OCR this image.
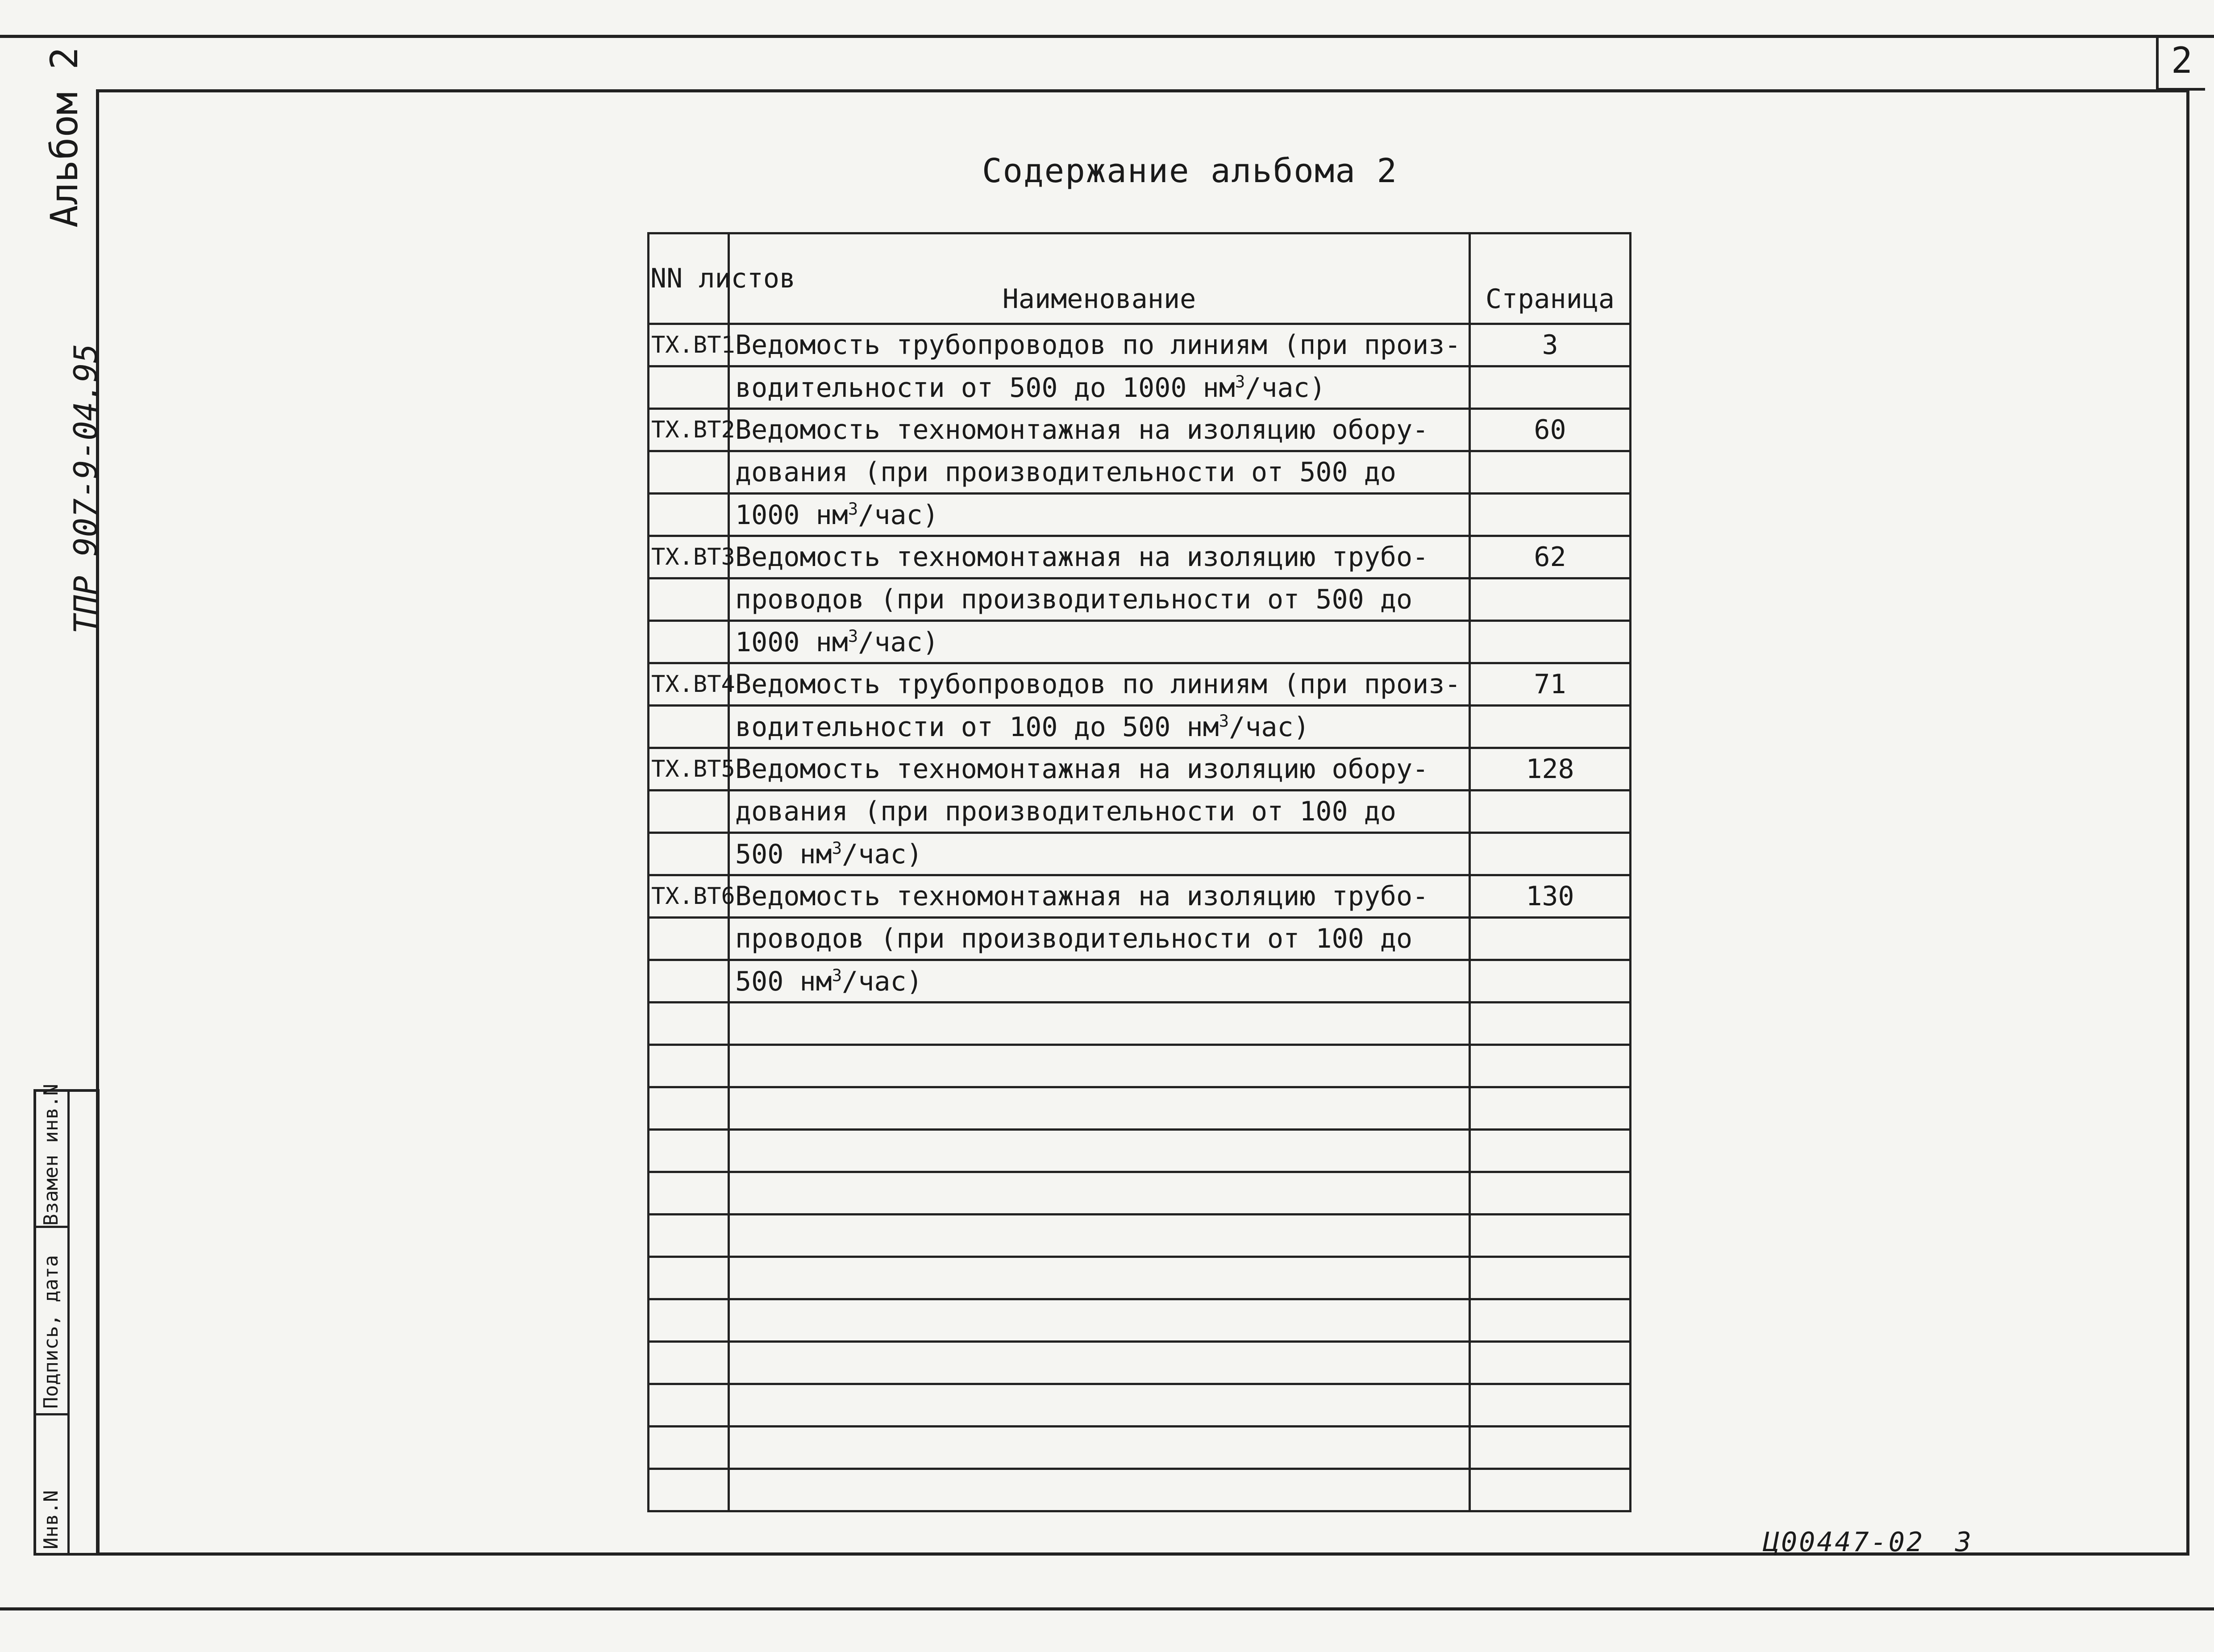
2
Альбом 2
ТПР 907-9-04.95
Взамен инв.N
Подпись, дата
Инв.N
Содержание альбома 2
NN листов	Наименование	Страница
ТХ.ВТ1	Ведомость трубопроводов по линиям (при произ-	3
	водительности от 500 до 1000 $нм^3/час$)	
ТХ.ВТ2	Ведомость техномонтажная на изоляцию обору-	60
	дования (при производительности от 500 до	
	1000 $нм^3/час$)	
ТХ.ВТ3	Ведомость техномонтажная на изоляцию трубо-	62
	проводов (при производительности от 500 до	
	1000 $нм^3/час$)	
ТХ.ВТ4	Ведомость трубопроводов по линиям (при произ-	71
	водительности от 100 до 500 $нм^3/час$)	
ТХ.ВТ5	Ведомость техномонтажная на изоляцию обору-	128
	дования (при производительности от 100 до	
	500 $нм^3/час$)	
ТХ.ВТ6	Ведомость техномонтажная на изоляцию трубо-	130
	проводов (при производительности от 100 до	
	500 $нм^3/час$)	

Ц00447-02 3
